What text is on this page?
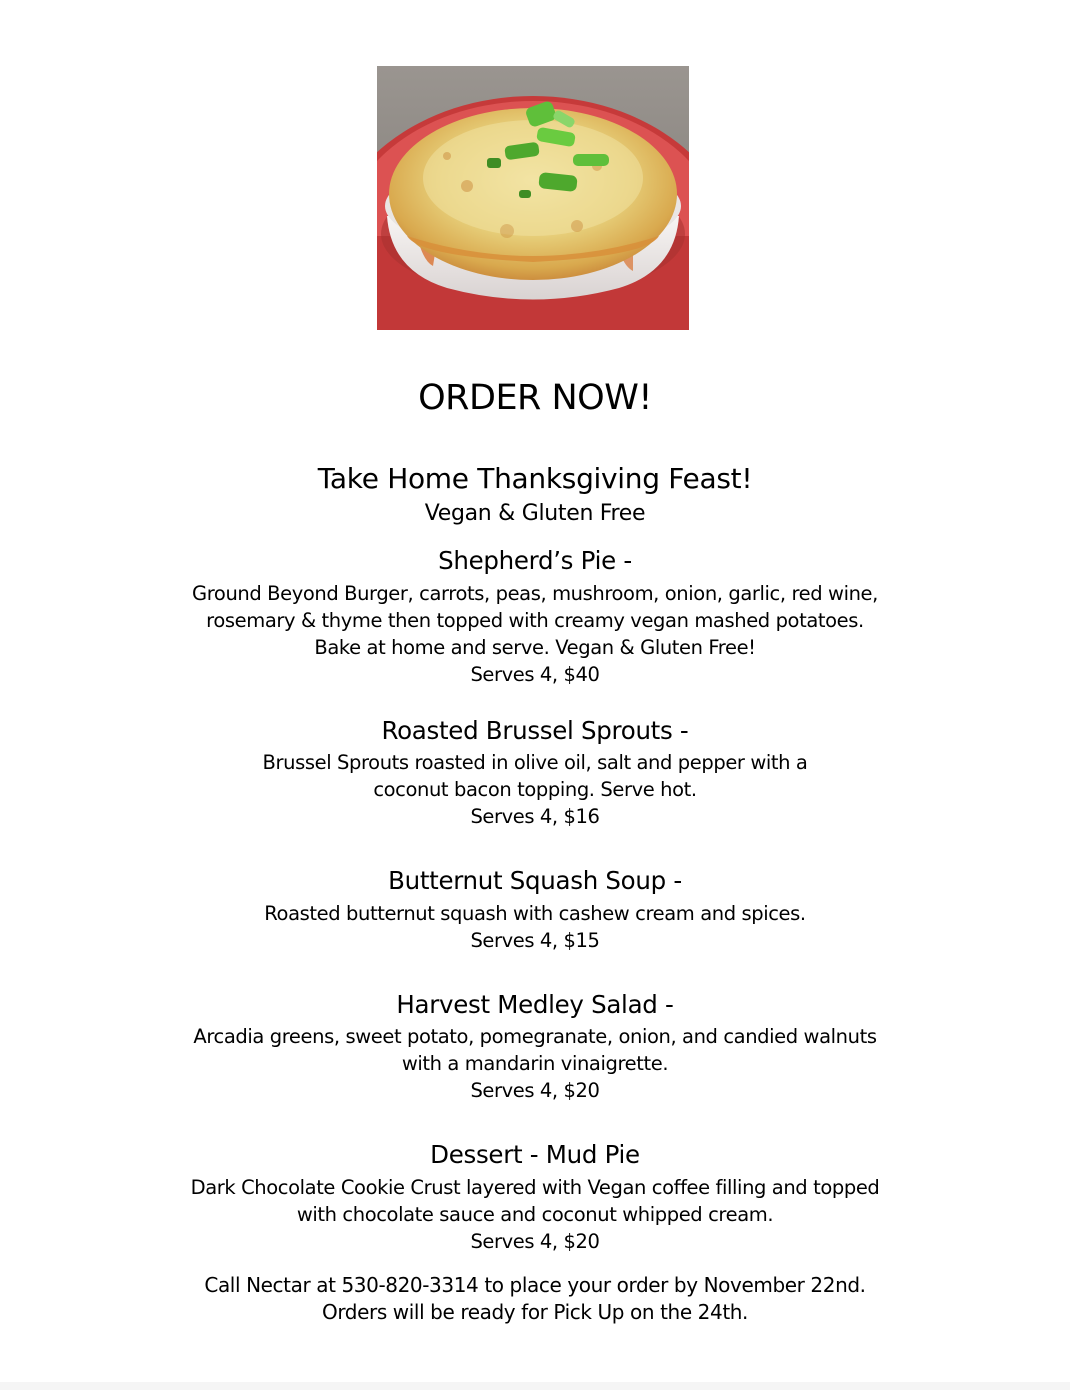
ORDER NOW!
Take Home Thanksgiving Feast!
Vegan & Gluten Free
Shepherd’s Pie -
Ground Beyond Burger, carrots, peas, mushroom, onion, garlic, red wine,
rosemary & thyme then topped with creamy vegan mashed potatoes.
Bake at home and serve. Vegan & Gluten Free!
Serves 4, $40
Roasted Brussel Sprouts -
Brussel Sprouts roasted in olive oil, salt and pepper with a
coconut bacon topping. Serve hot.
Serves 4, $16
Butternut Squash Soup -
Roasted butternut squash with cashew cream and spices.
Serves 4, $15
Harvest Medley Salad -
Arcadia greens, sweet potato, pomegranate, onion, and candied walnuts
with a mandarin vinaigrette.
Serves 4, $20
Dessert - Mud Pie
Dark Chocolate Cookie Crust layered with Vegan coffee filling and topped
with chocolate sauce and coconut whipped cream.
Serves 4, $20
Call Nectar at 530-820-3314 to place your order by November 22nd.
Orders will be ready for Pick Up on the 24th.
